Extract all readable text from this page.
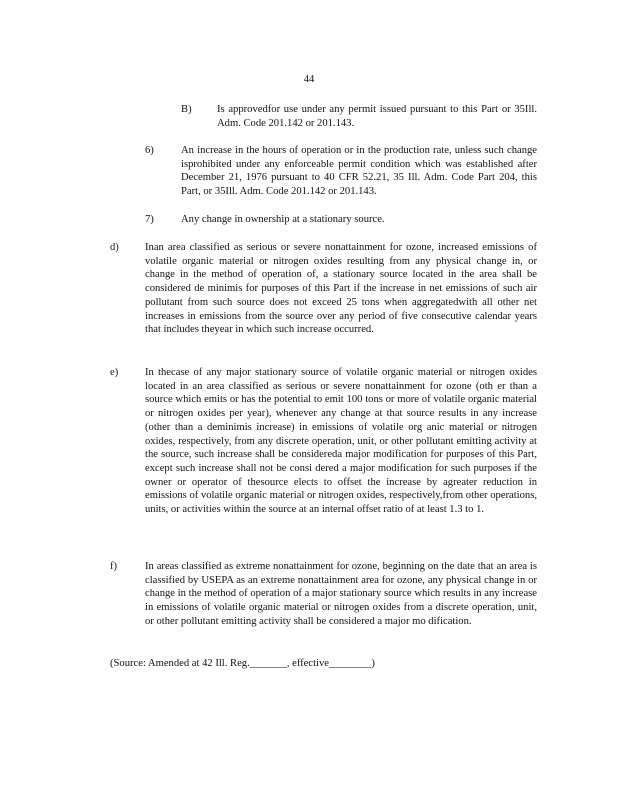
44
B) Is approvedfor use under any permit issued pursuant to this Part or 35Ill. Adm. Code 201.142 or 201.143.
6)	An increase in the hours of operation or in the production rate, unless such change isprohibited under any enforceable permit condition which was established after December 21, 1976 pursuant to 40 CFR 52.21, 35 Ill. Adm. Code Part 204, this Part, or 35Ill. Adm. Code 201.142 or 201.143.
7)	Any change in ownership at a stationary source.
d) Inan area classified as serious or severe nonattainment for ozone, increased emissions of volatile organic material or nitrogen oxides resulting from any physical change in, or change in the method of operation of, a stationary source located in the area shall be considered de minimis for purposes of this Part if the increase in net emissions of such air pollutant from such source does not exceed 25 tons when aggregatedwith all other net increases in emissions from the source over any period of five consecutive calendar years that includes theyear in which such increase occurred.
e)	In thecase of any major stationary source of volatile organic material or nitrogen oxides located in an area classified as serious or severe nonattainment for ozone (oth er than a source which emits or has the potential to emit 100 tons or more of volatile organic material or nitrogen oxides per year), whenever any change at that source results in any increase (other than a deminimis increase) in emissions of volatile org anic material or nitrogen oxides, respectively, from any discrete operation, unit, or other pollutant emitting activity at the source, such increase shall be considereda major modification for purposes of this Part, except such increase shall not be consi dered a major modification for such purposes if the owner or operator of thesource elects to offset the increase by agreater reduction in emissions of volatile organic material or nitrogen oxides, respectively,from other operations, units, or activities within the source at an internal offset ratio of at least 1.3 to 1.
f)	In areas classified as extreme nonattainment for ozone, beginning on the date that an area is classified by USEPA as an extreme nonattainment area for ozone, any physical change in or change in the method of operation of a major stationary source which results in any increase in emissions of volatile organic material or nitrogen oxides from a discrete operation, unit, or other pollutant emitting activity shall be considered a major mo dification.
(Source: Amended at 42 Ill. Reg._______, effective________)
